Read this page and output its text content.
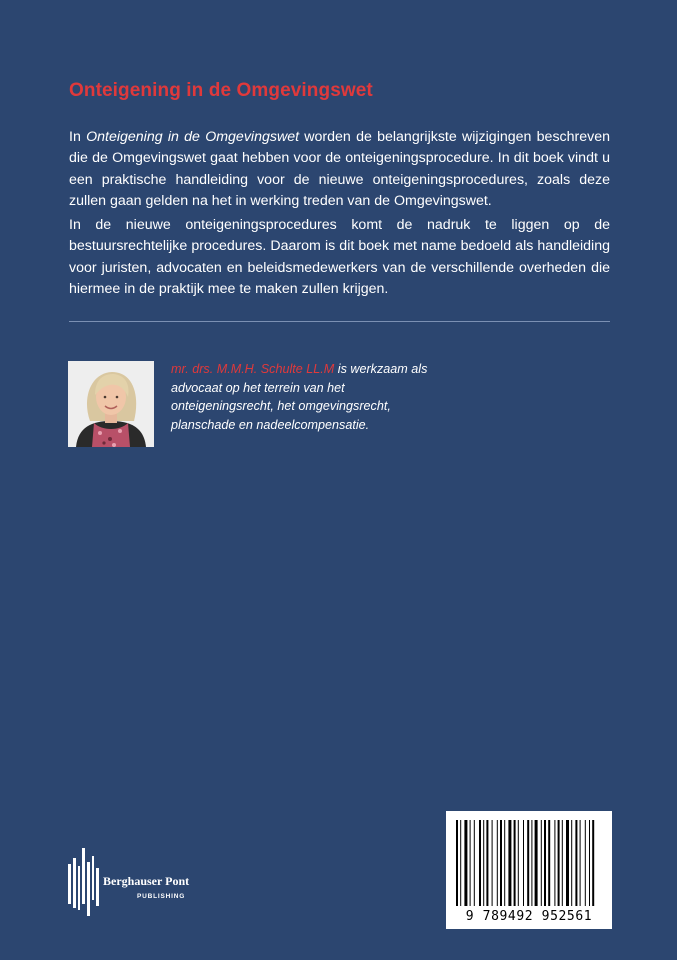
Onteigening in de Omgevingswet

In Onteigening in de Omgevingswet worden de belangrijkste wijzigingen beschreven die de Omgevingswet gaat hebben voor de onteigeningsprocedure. In dit boek vindt u een praktische handleiding voor de nieuwe onteigeningsprocedures, zoals deze zullen gaan gelden na het in werking treden van de Omgevingswet.

In de nieuwe onteigeningsprocedures komt de nadruk te liggen op de bestuursrechtelijke procedures. Daarom is dit boek met name bedoeld als handleiding voor juristen, advocaten en beleidsmedewerkers van de verschillende overheden die hiermee in de praktijk mee te maken zullen krijgen.

mr. drs. M.M.H. Schulte LL.M is werkzaam als advocaat op het terrein van het onteigeningsrecht, het omgevingsrecht, planschade en nadeelcompensatie.
Berghauser Pont
PUBLISHING
9 789492 952561
